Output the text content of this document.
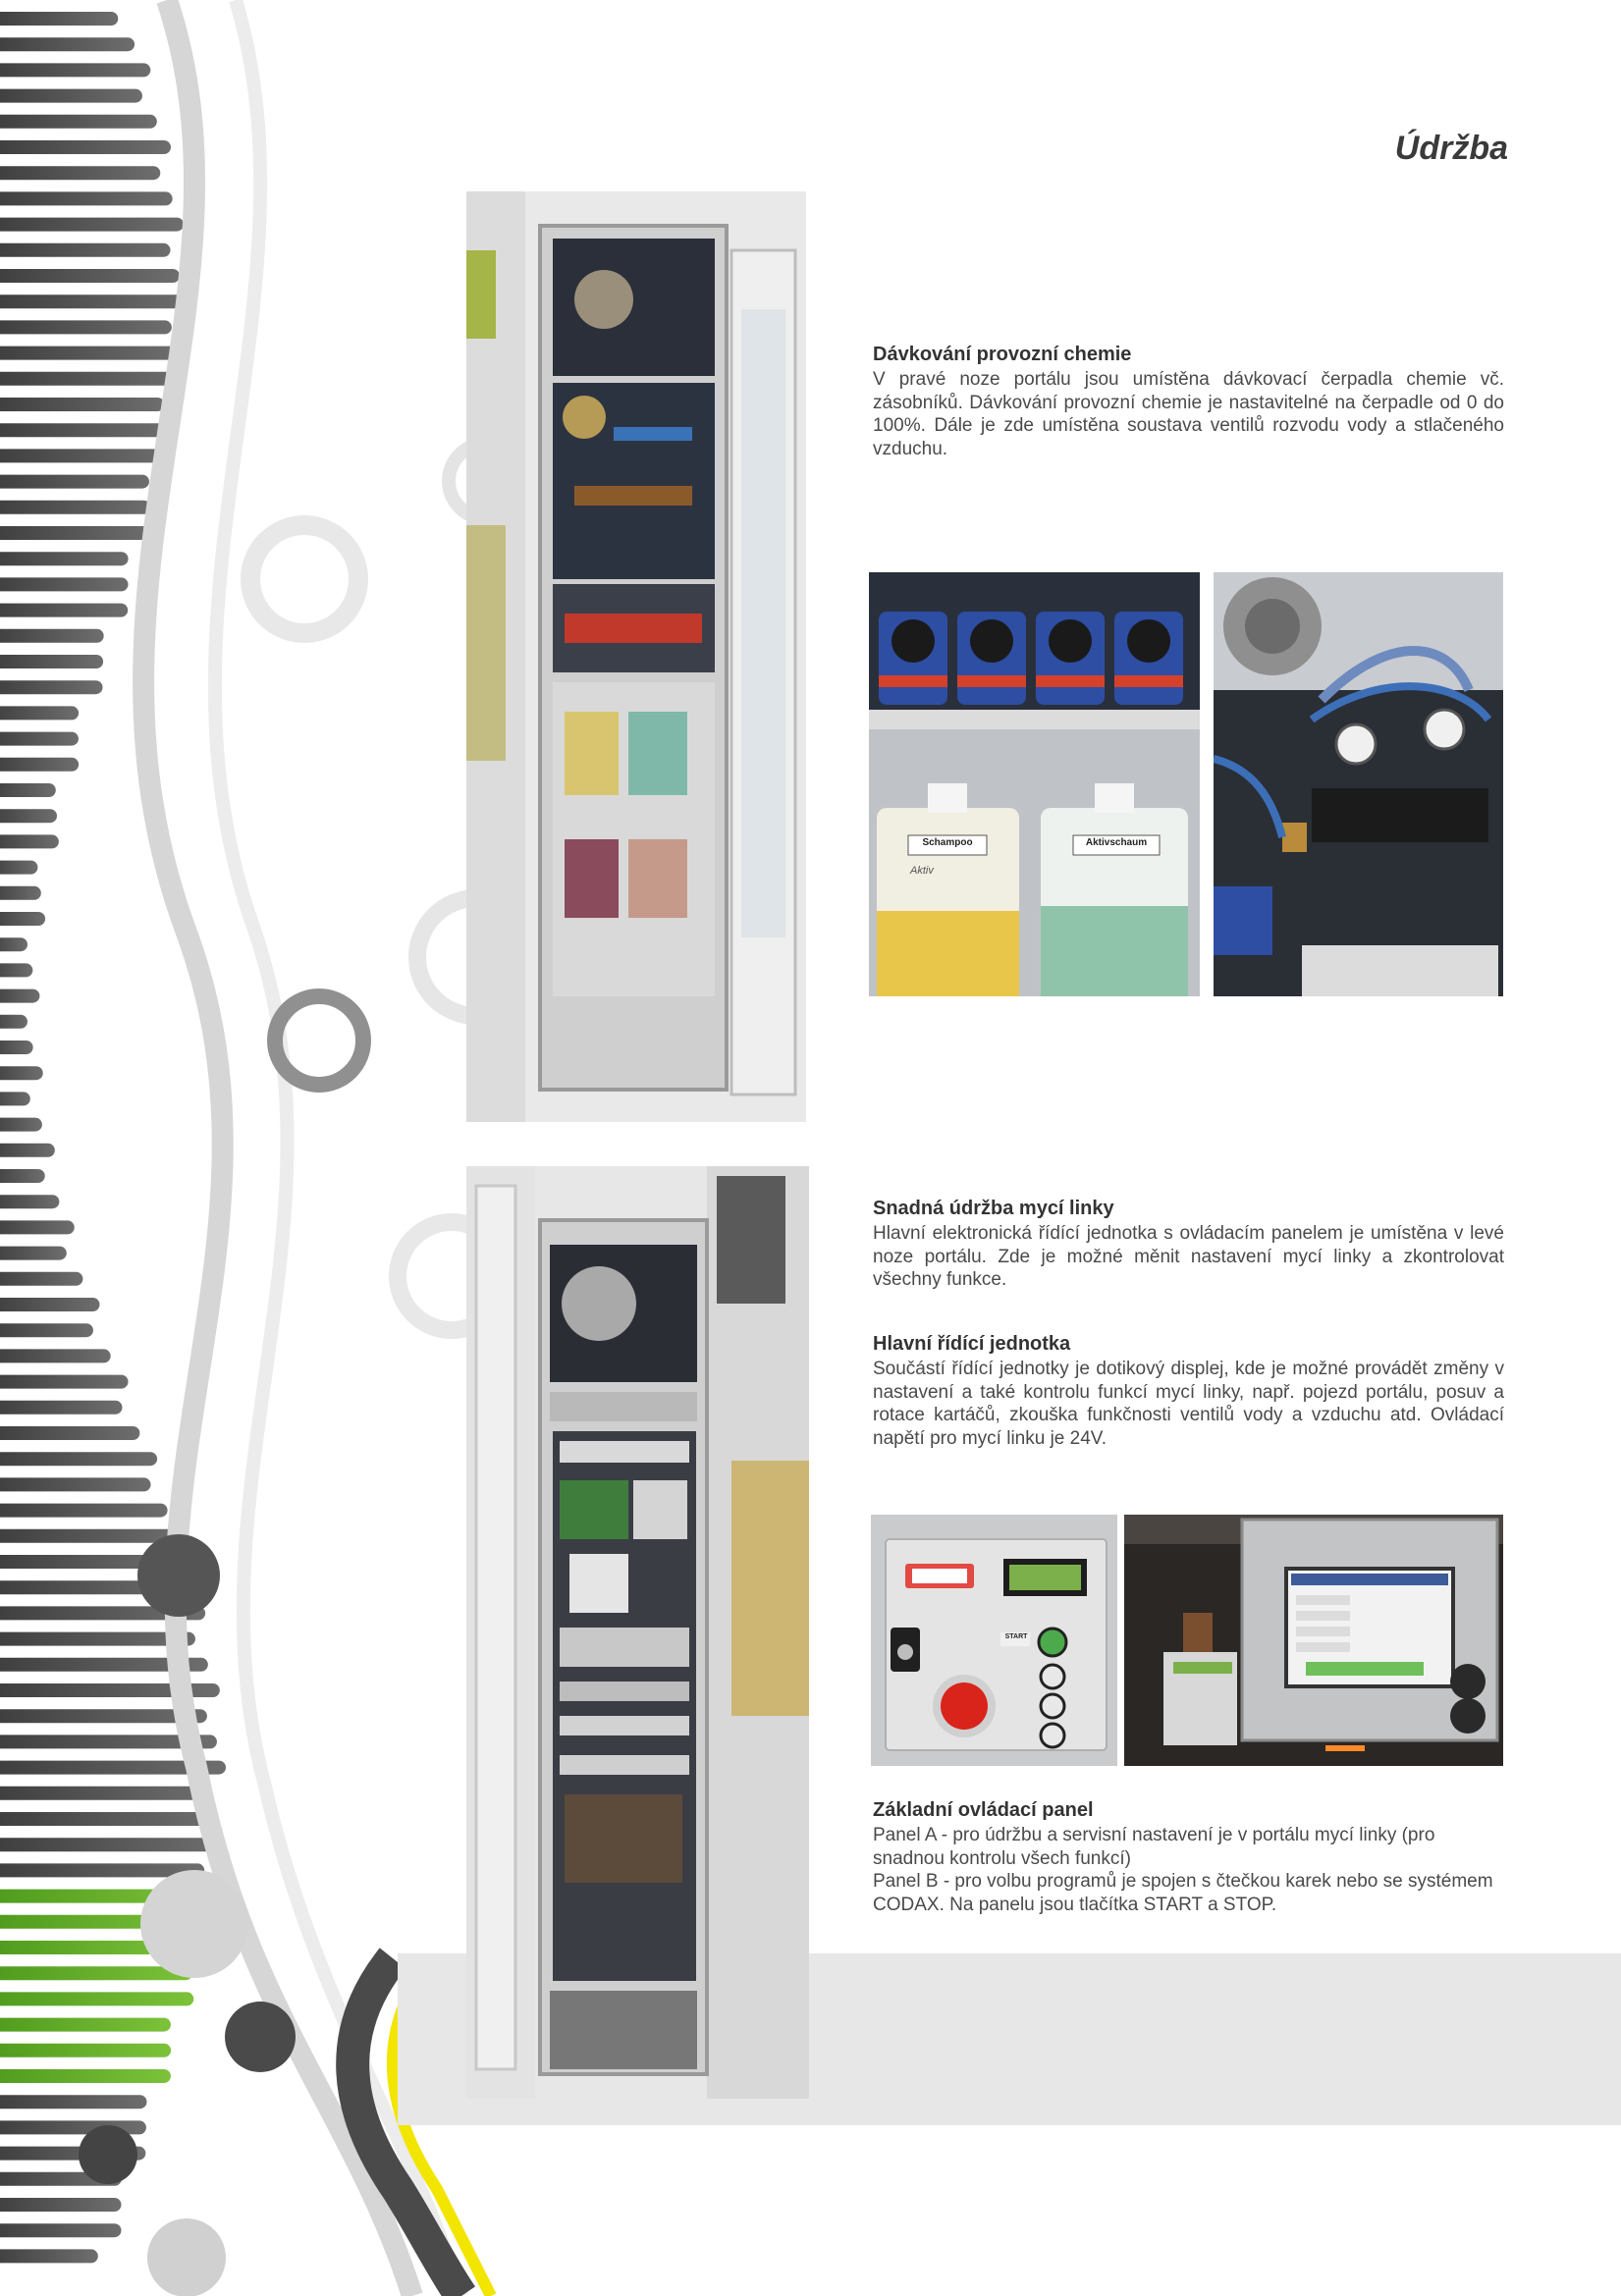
Údržba
Schampoo	Aktivschaum
Aktiv
START
Dávkování provozní chemie

V pravé noze portálu jsou umístěna dávkovací čerpadla chemie vč. zásobníků. Dávkování provozní chemie je nastavitelné na čerpadle od 0 do 100%. Dále je zde umístěna soustava ventilů rozvodu vody a stlačeného vzduchu.

Snadná údržba mycí linky

Hlavní elektronická řídící jednotka s ovládacím panelem je umístěna v levé noze portálu. Zde je možné měnit nastavení mycí linky a zkontrolovat všechny funkce.

Hlavní řídící jednotka

Součástí řídící jednotky je dotikový displej, kde je možné provádět změny v nastavení a také kontrolu funkcí mycí linky, např. pojezd portálu, posuv a rotace kartáčů, zkouška funkčnosti ventilů vody a vzduchu atd. Ovládací napětí pro mycí linku je 24V.

Základní ovládací panel

Panel A - pro údržbu a servisní nastavení je v portálu mycí linky (pro snadnou kontrolu všech funkcí)

Panel B - pro volbu programů je spojen s čtečkou karek nebo se systémem CODAX. Na panelu jsou tlačítka START a STOP.
